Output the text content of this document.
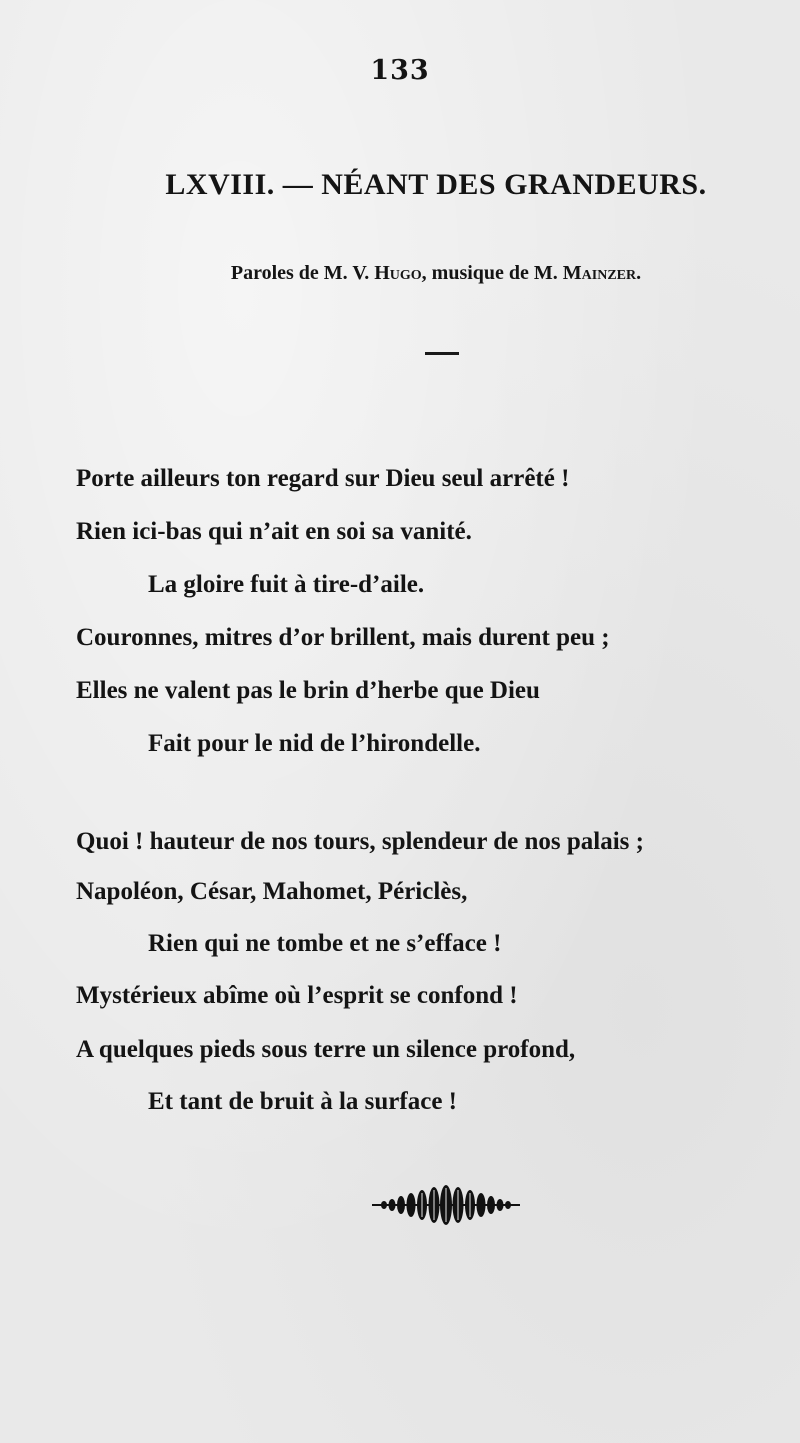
133
LXVIII. — NÉANT DES GRANDEURS.
Paroles de M. V. Hugo, musique de M. Mainzer.
Porte ailleurs ton regard sur Dieu seul arrêté !
Rien ici-bas qui n’ait en soi sa vanité.
La gloire fuit à tire-d’aile.
Couronnes, mitres d’or brillent, mais durent peu ;
Elles ne valent pas le brin d’herbe que Dieu
Fait pour le nid de l’hirondelle.
Quoi ! hauteur de nos tours, splendeur de nos palais ;
Napoléon, César, Mahomet, Périclès,
Rien qui ne tombe et ne s’efface !
Mystérieux abîme où l’esprit se confond !
A quelques pieds sous terre un silence profond,
Et tant de bruit à la surface !
